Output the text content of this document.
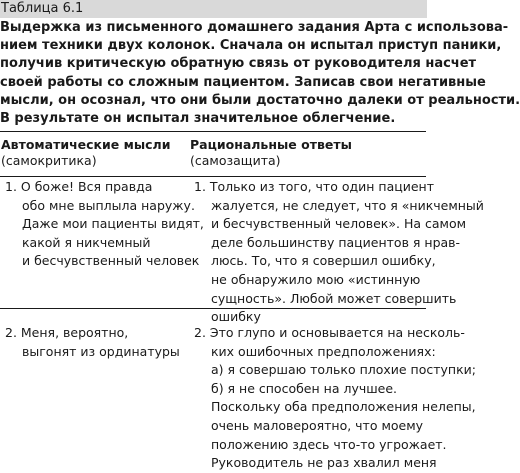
Таблица 6.1
Выдержка из письменного домашнего задания Арта с использова-
нием техники двух колонок. Сначала он испытал приступ паники,
получив критическую обратную связь от руководителя насчет
своей работы со сложным пациентом. Записав свои негативные
мысли, он осознал, что они были достаточно далеки от реальности.
В результате он испытал значительное облегчение.
Автоматические мысли
(самокритика)
Рациональные ответы
(самозащита)
1. О боже! Вся правда
обо мне выплыла наружу.
Даже мои пациенты видят,
какой я никчемный
и бесчувственный человек
1. Только из того, что один пациент
жалуется, не следует, что я «никчемный
и бесчувственный человек». На самом
деле большинству пациентов я нрав-
люсь. То, что я совершил ошибку,
не обнаружило мою «истинную
сущность». Любой может совершить
ошибку
2. Меня, вероятно,
выгонят из ординатуры
2. Это глупо и основывается на несколь-
ких ошибочных предположениях:
а) я совершаю только плохие поступки;
б) я не способен на лучшее.
Поскольку оба предположения нелепы,
очень маловероятно, что моему
положению здесь что-то угрожает.
Руководитель не раз хвалил меня
